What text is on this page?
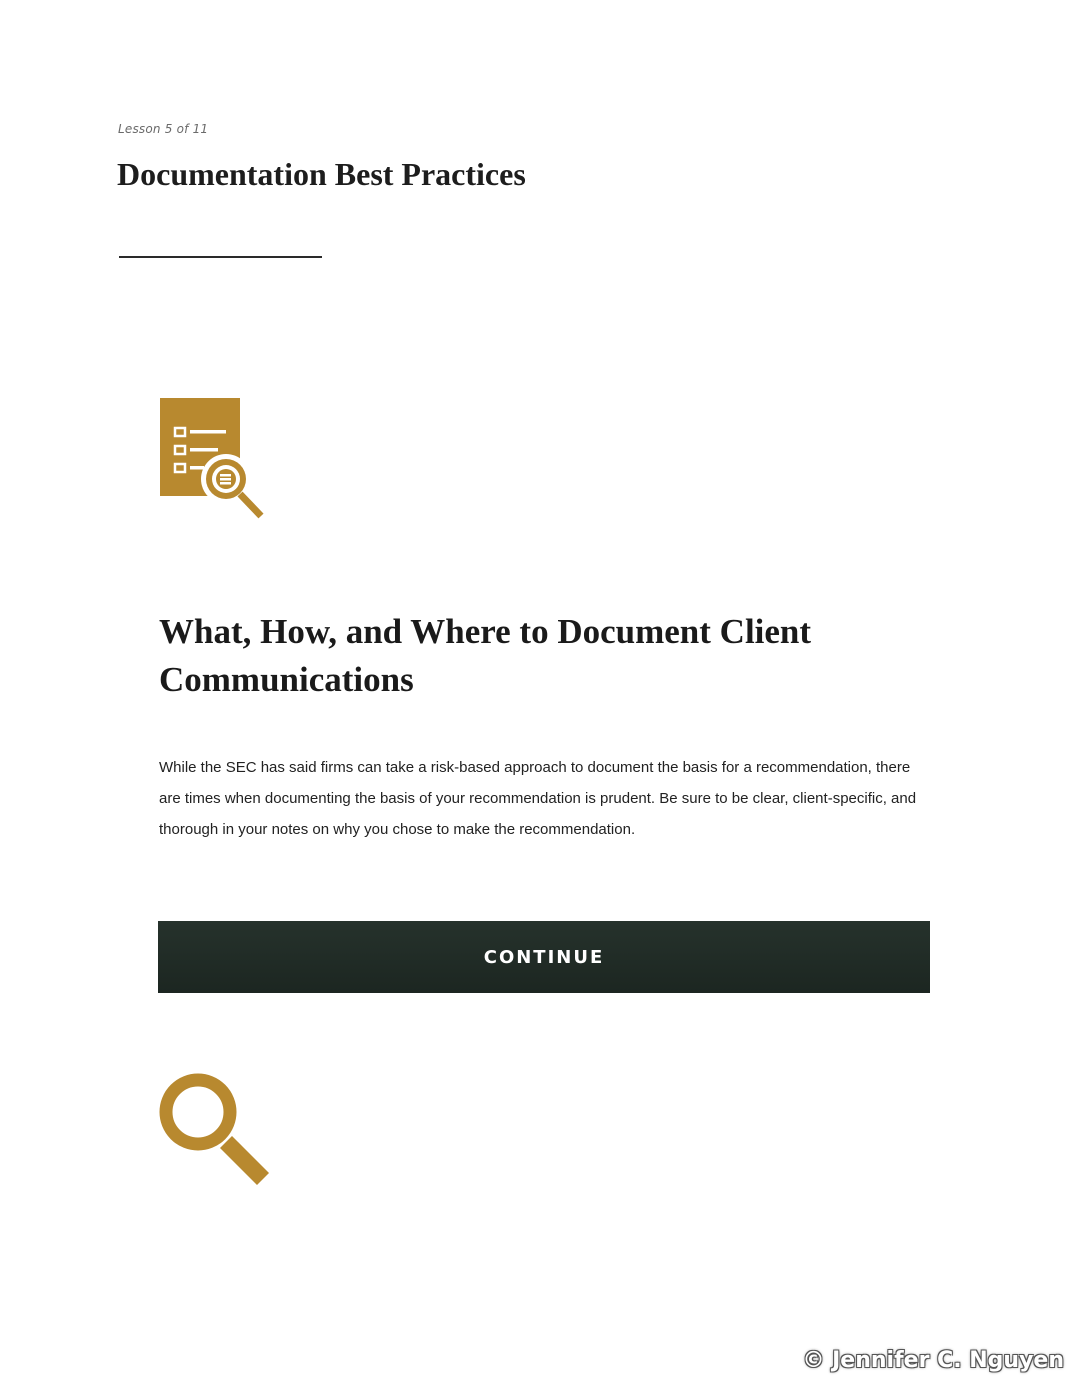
Lesson 5 of 11
Documentation Best Practices
What, How, and Where to Document Client Communications

While the SEC has said firms can take a risk-based approach to document the basis for a recommendation, there are times when documenting the basis of your recommendation is prudent. Be sure to be clear, client-specific, and thorough in your notes on why you chose to make the recommendation.

CONTINUE
© Jennifer C. Nguyen
